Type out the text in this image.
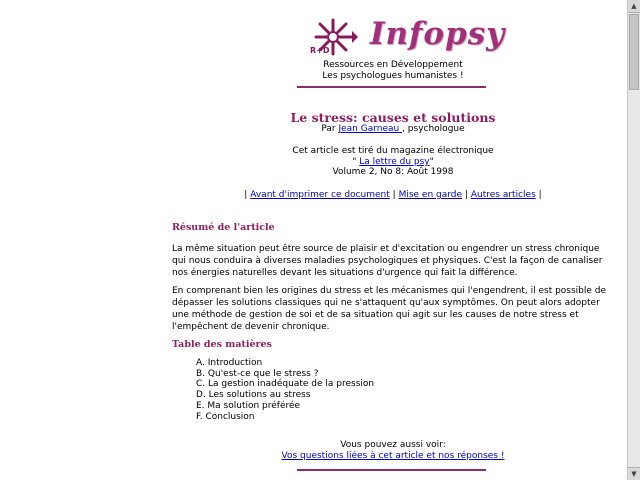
R+D Infopsy
Ressources en Développement
Les psychologues humanistes !
Le stress: causes et solutions
Par Jean Garneau , psychologue
Cet article est tiré du magazine électronique
" La lettre du psy"
Volume 2, No 8: Août 1998
| Avant d'imprimer ce document | Mise en garde | Autres articles |
Résumé de l'article

La même situation peut être source de plaisir et d'excitation ou engendrer un stress chronique qui nous conduira à diverses maladies psychologiques et physiques. C'est la façon de canaliser nos énergies naturelles devant les situations d'urgence qui fait la différence.

En comprenant bien les origines du stress et les mécanismes qui l'engendrent, il est possible de dépasser les solutions classiques qui ne s'attaquent qu'aux symptômes. On peut alors adopter une méthode de gestion de soi et de sa situation qui agit sur les causes de notre stress et l'empêchent de devenir chronique.

Table des matières
A. Introduction
B. Qu'est-ce que le stress ?
C. La gestion inadéquate de la pression
D. Les solutions au stress
E. Ma solution préférée
F. Conclusion
Vous pouvez aussi voir:
Vos questions liées à cet article et nos réponses !
▲
▼
